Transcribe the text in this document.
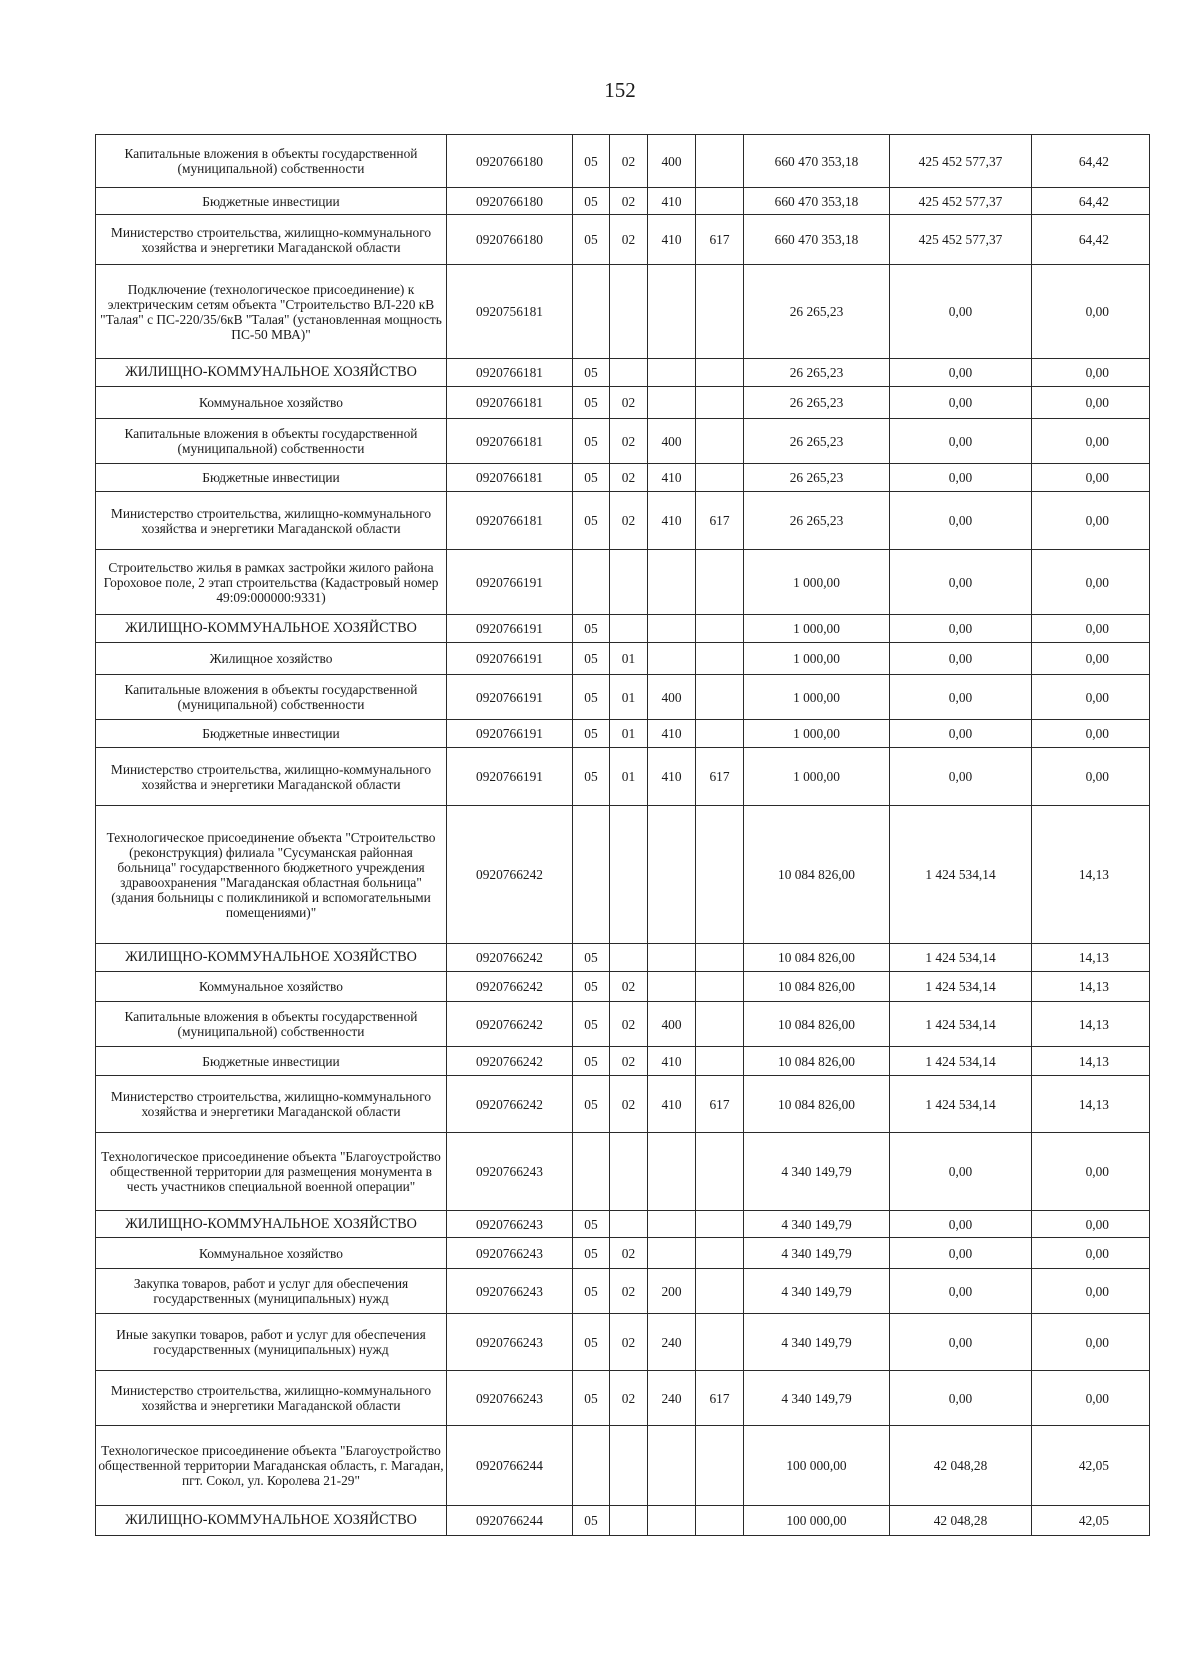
152
Капитальные вложения в объекты государственной (муниципальной) собственности	0920766180	05	02	400		660 470 353,18	425 452 577,37	64,42
Бюджетные инвестиции	0920766180	05	02	410		660 470 353,18	425 452 577,37	64,42
Министерство строительства, жилищно-коммунального хозяйства и энергетики Магаданской области	0920766180	05	02	410	617	660 470 353,18	425 452 577,37	64,42
Подключение (технологическое присоединение) к электрическим сетям объекта "Строительство ВЛ-220 кВ "Талая" с ПС-220/35/6кВ "Талая" (установленная мощность ПС-50 МВА)"	0920756181					26 265,23	0,00	0,00
ЖИЛИЩНО-КОММУНАЛЬНОЕ ХОЗЯЙСТВО	0920766181	05				26 265,23	0,00	0,00
Коммунальное хозяйство	0920766181	05	02			26 265,23	0,00	0,00
Капитальные вложения в объекты государственной (муниципальной) собственности	0920766181	05	02	400		26 265,23	0,00	0,00
Бюджетные инвестиции	0920766181	05	02	410		26 265,23	0,00	0,00
Министерство строительства, жилищно-коммунального хозяйства и энергетики Магаданской области	0920766181	05	02	410	617	26 265,23	0,00	0,00
Строительство жилья в рамках застройки жилого района Гороховое поле, 2 этап строительства (Кадастровый номер 49:09:000000:9331)	0920766191					1 000,00	0,00	0,00
ЖИЛИЩНО-КОММУНАЛЬНОЕ ХОЗЯЙСТВО	0920766191	05				1 000,00	0,00	0,00
Жилищное хозяйство	0920766191	05	01			1 000,00	0,00	0,00
Капитальные вложения в объекты государственной (муниципальной) собственности	0920766191	05	01	400		1 000,00	0,00	0,00
Бюджетные инвестиции	0920766191	05	01	410		1 000,00	0,00	0,00
Министерство строительства, жилищно-коммунального хозяйства и энергетики Магаданской области	0920766191	05	01	410	617	1 000,00	0,00	0,00
Технологическое присоединение объекта "Строительство (реконструкция) филиала "Сусуманская районная больница" государственного бюджетного учреждения здравоохранения "Магаданская областная больница" (здания больницы с поликлиникой и вспомогательными помещениями)"	0920766242					10 084 826,00	1 424 534,14	14,13
ЖИЛИЩНО-КОММУНАЛЬНОЕ ХОЗЯЙСТВО	0920766242	05				10 084 826,00	1 424 534,14	14,13
Коммунальное хозяйство	0920766242	05	02			10 084 826,00	1 424 534,14	14,13
Капитальные вложения в объекты государственной (муниципальной) собственности	0920766242	05	02	400		10 084 826,00	1 424 534,14	14,13
Бюджетные инвестиции	0920766242	05	02	410		10 084 826,00	1 424 534,14	14,13
Министерство строительства, жилищно-коммунального хозяйства и энергетики Магаданской области	0920766242	05	02	410	617	10 084 826,00	1 424 534,14	14,13
Технологическое присоединение объекта "Благоустройство общественной территории для размещения монумента в честь участников специальной военной операции"	0920766243					4 340 149,79	0,00	0,00
ЖИЛИЩНО-КОММУНАЛЬНОЕ ХОЗЯЙСТВО	0920766243	05				4 340 149,79	0,00	0,00
Коммунальное хозяйство	0920766243	05	02			4 340 149,79	0,00	0,00
Закупка товаров, работ и услуг для обеспечения государственных (муниципальных) нужд	0920766243	05	02	200		4 340 149,79	0,00	0,00
Иные закупки товаров, работ и услуг для обеспечения государственных (муниципальных) нужд	0920766243	05	02	240		4 340 149,79	0,00	0,00
Министерство строительства, жилищно-коммунального хозяйства и энергетики Магаданской области	0920766243	05	02	240	617	4 340 149,79	0,00	0,00
Технологическое присоединение объекта "Благоустройство общественной территории Магаданская область, г. Магадан, пгт. Сокол, ул. Королева 21-29"	0920766244					100 000,00	42 048,28	42,05
ЖИЛИЩНО-КОММУНАЛЬНОЕ ХОЗЯЙСТВО	0920766244	05				100 000,00	42 048,28	42,05
